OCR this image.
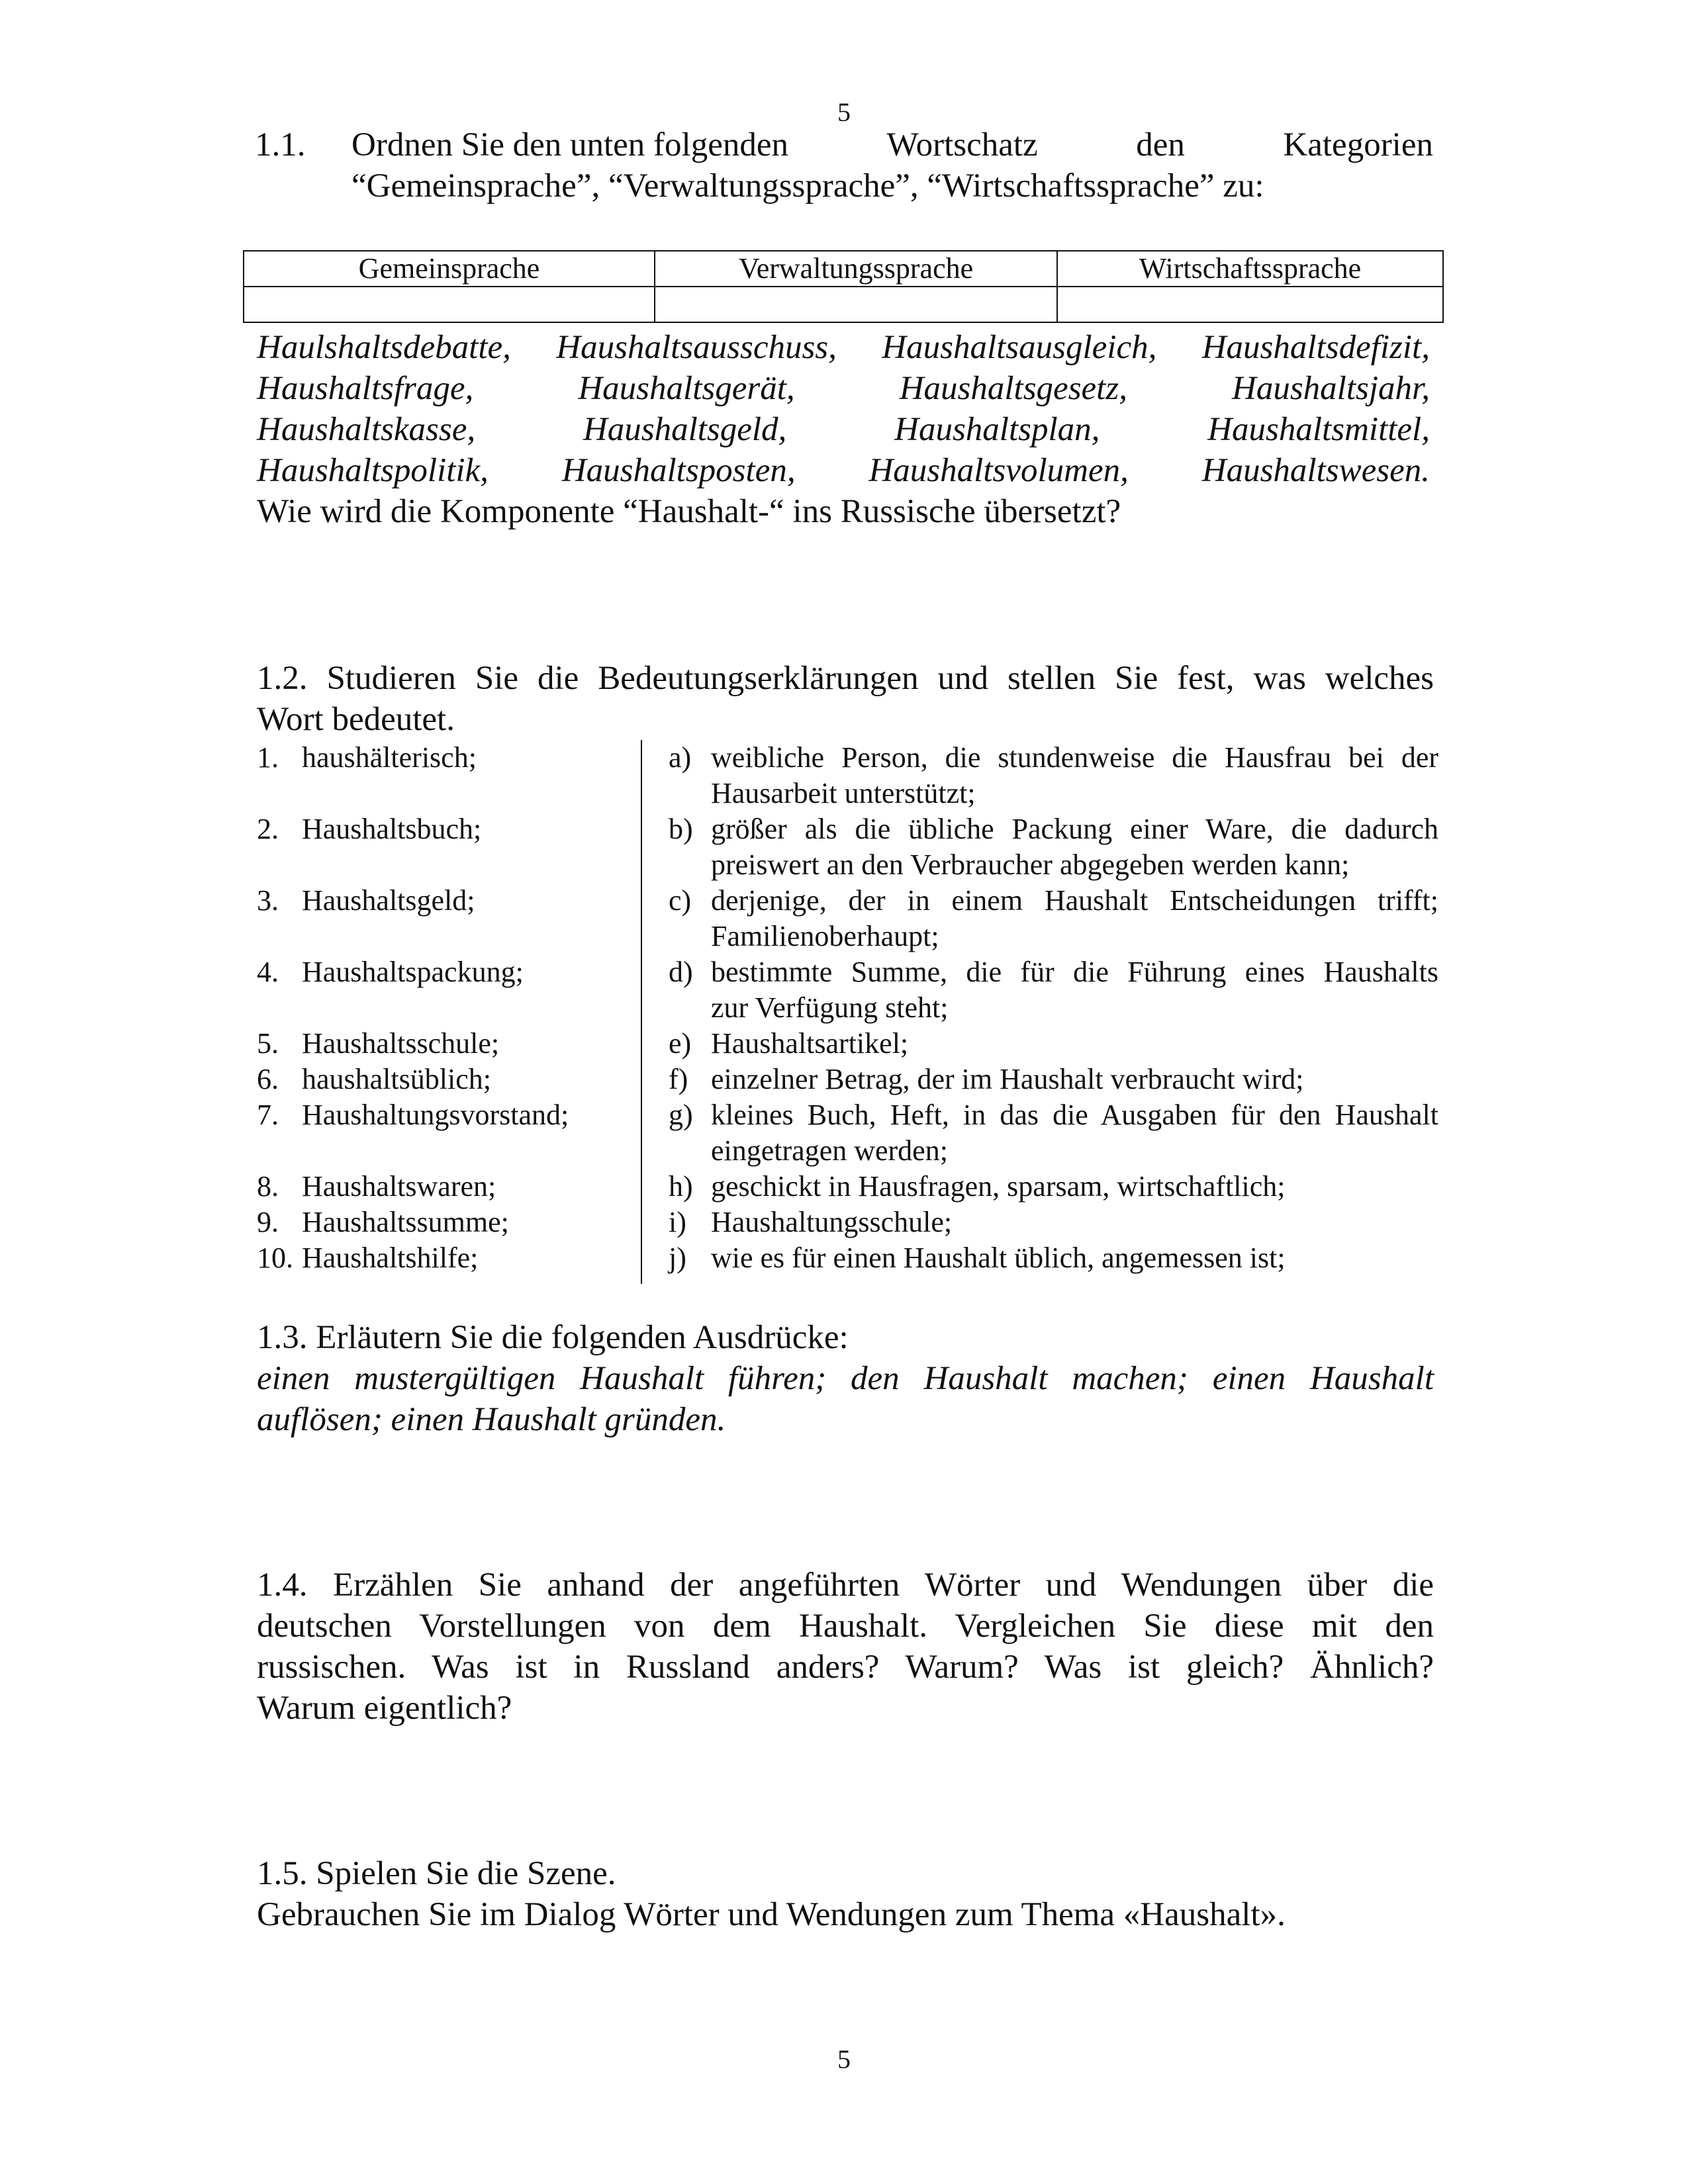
5
5
1.1.	Ordnen Sie den unten folgenden	Wortschatz	den	Kategorien
“Gemeinsprache”, “Verwaltungssprache”, “Wirtschaftssprache” zu:
Gemeinsprache	Verwaltungssprache	Wirtschaftssprache

Haulshaltsdebatte, Haushaltsausschuss, Haushaltsausgleich, Haushaltsdefizit,
Haushaltsfrage,	Haushaltsgerät,	Haushaltsgesetz,	Haushaltsjahr,
Haushaltskasse,	Haushaltsgeld,	Haushaltsplan,	Haushaltsmittel,
Haushaltspolitik, Haushaltsposten, Haushaltsvolumen, Haushaltswesen.
Wie wird die Komponente “Haushalt-“ ins Russische übersetzt?
1.2. Studieren Sie die Bedeutungserklärungen und stellen Sie fest, was welches
Wort bedeutet.
1. haushälterisch;	a) weibliche Person, die stundenweise die Hausfrau bei der
Hausarbeit unterstützt;
2. Haushaltsbuch;	b) größer als die übliche Packung einer Ware, die dadurch
preiswert an den Verbraucher abgegeben werden kann;
3. Haushaltsgeld;	c) derjenige, der in einem Haushalt Entscheidungen trifft;
Familienoberhaupt;
4. Haushaltspackung;	d) bestimmte Summe, die für die Führung eines Haushalts
zur Verfügung steht;
5. Haushaltsschule;	e) Haushaltsartikel;
6. haushaltsüblich;	f) einzelner Betrag, der im Haushalt verbraucht wird;
7. Haushaltungsvorstand;	g) kleines Buch, Heft, in das die Ausgaben für den Haushalt
eingetragen werden;
8. Haushaltswaren;	h) geschickt in Hausfragen, sparsam, wirtschaftlich;
9. Haushaltssumme;	i) Haushaltungsschule;
10. Haushaltshilfe;	j) wie es für einen Haushalt üblich, angemessen ist;
1.3. Erläutern Sie die folgenden Ausdrücke:
einen mustergültigen Haushalt führen; den Haushalt machen; einen Haushalt
auflösen; einen Haushalt gründen.
1.4. Erzählen Sie anhand der angeführten Wörter und Wendungen über die
deutschen Vorstellungen von dem Haushalt. Vergleichen Sie diese mit den
russischen. Was ist in Russland anders? Warum? Was ist gleich? Ähnlich?
Warum eigentlich?
1.5. Spielen Sie die Szene.
Gebrauchen Sie im Dialog Wörter und Wendungen zum Thema «Haushalt».
